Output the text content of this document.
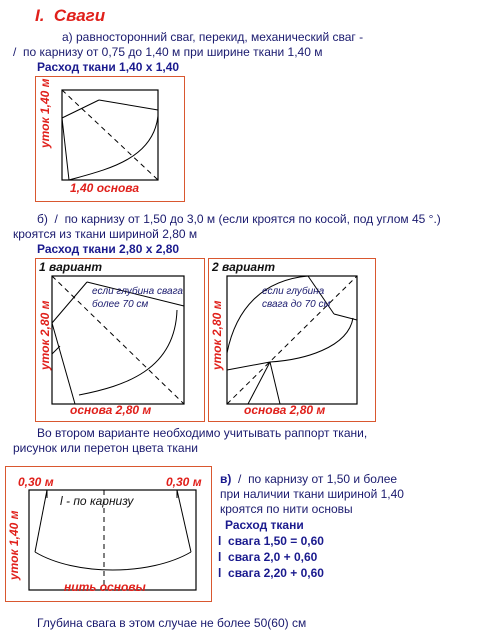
I. Сваги
а) равносторонний сваг, перекид, механический сваг -
/ по карнизу от 0,75 до 1,40 м при ширине ткани 1,40 м
Расход ткани 1,40 х 1,40
уток 1,40 м
1,40 основа
б) / по карнизу от 1,50 до 3,0 м (если кроятся по косой, под углом 45 °.)
кроятся из ткани шириной 2,80 м
Расход ткани 2,80 х 2,80
1 вариант
если глубина свага более 70 см
уток 2,80 м
основа 2,80 м
2 вариант
если глубина свага до 70 см
уток 2,80 м
основа 2,80 м
Во втором варианте необходимо учитывать раппорт ткани,
рисунок или перетон цвета ткани
0,30 м	0,30 м
l - по карнизу
уток 1,40 м
нить основы
в) / по карнизу от 1,50 и более
при наличии ткани шириной 1,40
кроятся по нити основы
Расход ткани
l свага 1,50 = 0,60
l свага 2,0 + 0,60
l свага 2,20 + 0,60
Глубина свага в этом случае не более 50(60) см
